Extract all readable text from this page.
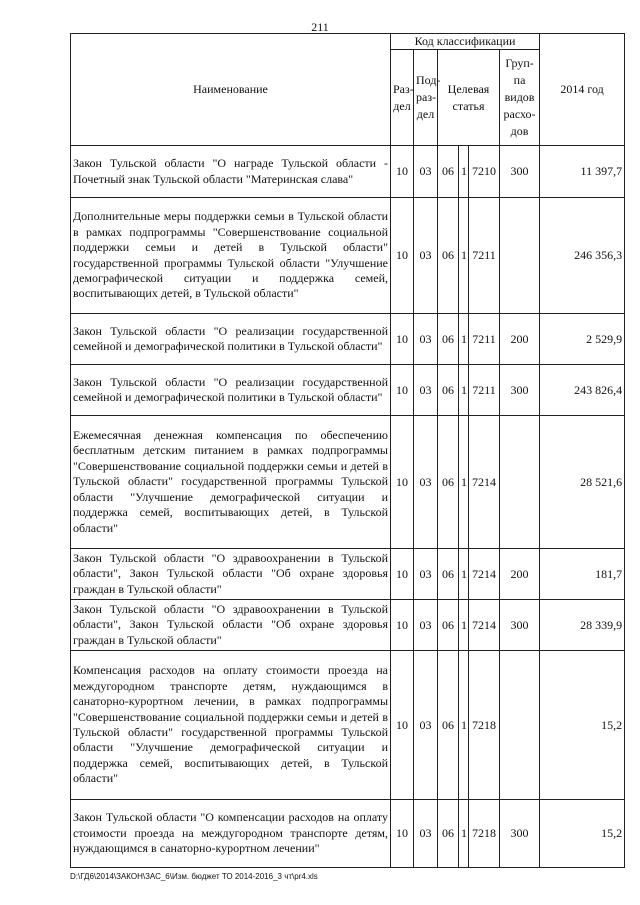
211
Наименование	Код классификации						2014 год
	Раз-дел	Под-раз-дел	Целевая статья			Груп-па видов расхо-дов	
Закон Тульской области "О награде Тульской области - Почетный знак Тульской области "Материнская слава"	10	03	06	1	7210	300	11 397,7
Дополнительные меры поддержки семьи в Тульской области в рамках подпрограммы "Совершенствование социальной поддержки семьи и детей в Тульской области" государственной программы Тульской области "Улучшение демографической ситуации и поддержка семей, воспитывающих детей, в Тульской области"	10	03	06	1	7211		246 356,3
Закон Тульской области "О реализации государственной семейной и демографической политики в Тульской области"	10	03	06	1	7211	200	2 529,9
Закон Тульской области "О реализации государственной семейной и демографической политики в Тульской области"	10	03	06	1	7211	300	243 826,4
Ежемесячная денежная компенсация по обеспечению бесплатным детским питанием в рамках подпрограммы "Совершенствование социальной поддержки семьи и детей в Тульской области" государственной программы Тульской области "Улучшение демографической ситуации и поддержка семей, воспитывающих детей, в Тульской области"	10	03	06	1	7214		28 521,6
Закон Тульской области "О здравоохранении в Тульской области", Закон Тульской области "Об охране здоровья граждан в Тульской области"	10	03	06	1	7214	200	181,7
Закон Тульской области "О здравоохранении в Тульской области", Закон Тульской области "Об охране здоровья граждан в Тульской области"	10	03	06	1	7214	300	28 339,9
Компенсация расходов на оплату стоимости проезда на междугородном транспорте детям, нуждающимся в санаторно-курортном лечении, в рамках подпрограммы "Совершенствование социальной поддержки семьи и детей в Тульской области" государственной программы Тульской области "Улучшение демографической ситуации и поддержка семей, воспитывающих детей, в Тульской области"	10	03	06	1	7218		15,2
Закон Тульской области "О компенсации расходов на оплату стоимости проезда на междугородном транспорте детям, нуждающимся в санаторно-курортном лечении"	10	03	06	1	7218	300	15,2
D:\ГД6\2014\ЗАКОН\ЗАС_6\Изм. бюджет ТО 2014-2016_3 чт\pr4.xls
